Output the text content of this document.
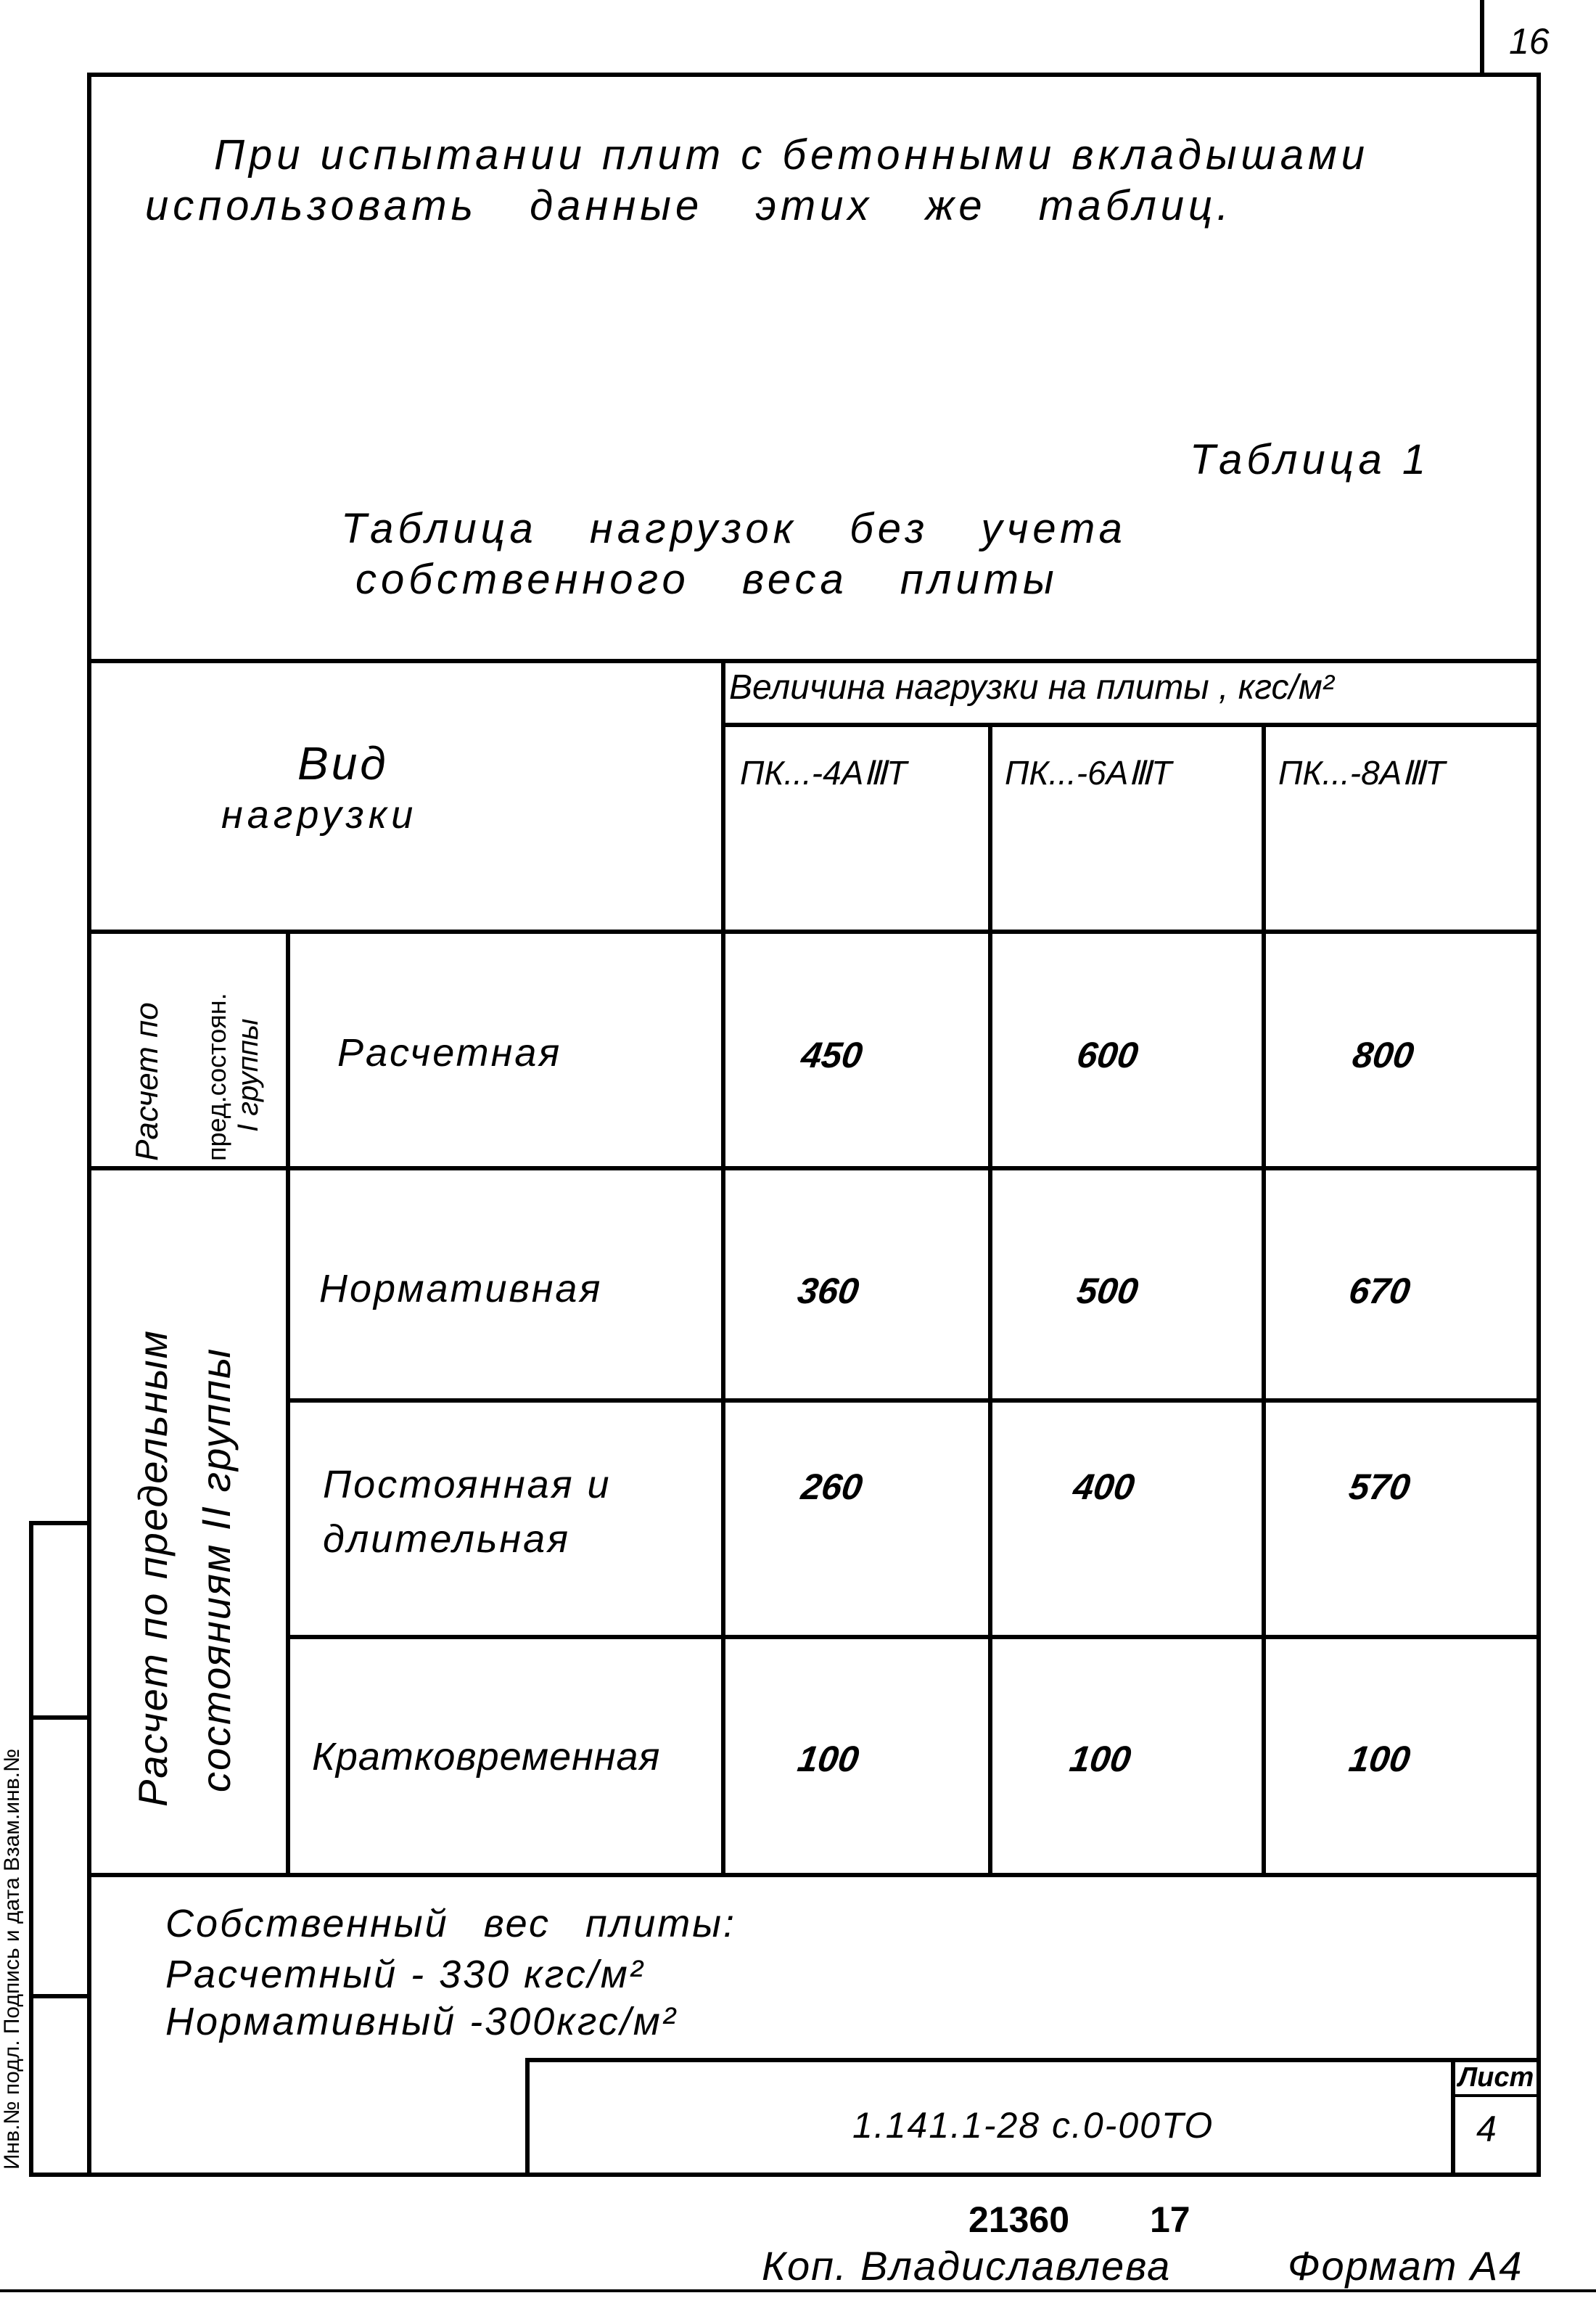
16
Инв.№ подл. Подпись и дата Взам.инв.№
При испытании плит с бетонными вкладышами
использовать данные этих же таблиц.
Таблица 1
Таблица нагрузок без учета
собственного веса плиты
Вид
нагрузки
Величина нагрузки на плиты , кгс/м²
ПК...-4АⅢТ	ПК...-6АⅢТ	ПК...-8АⅢТ
Расчет по пред.состоян. I группы
Расчет по предельным состояниям II группы
Расчетная	450	600	800
Нормативная	360	500	670
Постоянная и
длительная
260	400	570
Кратковременная	100	100	100
Собственный вес плиты:
Расчетный - 330 кгс/м²
Нормативный -300кгс/м²
1.141.1-28 с.0-00ТО
Лист
4
21360 17
Коп. Владиславлева	Формат А4
